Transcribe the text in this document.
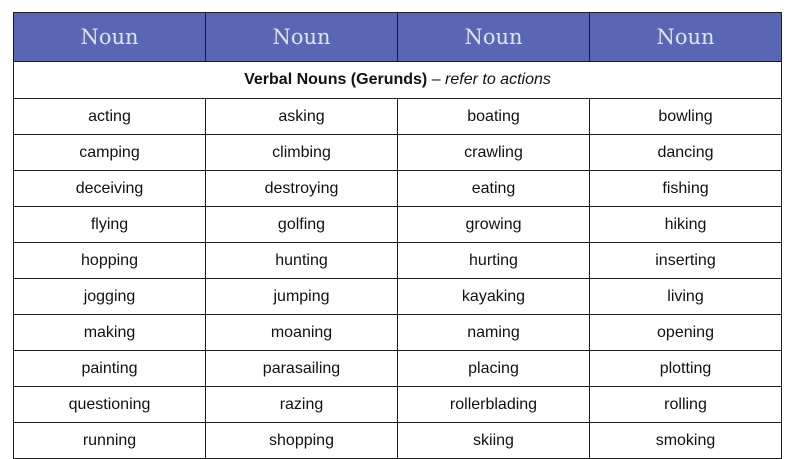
Noun	Noun	Noun	Noun
Verbal Nouns (Gerunds) – refer to actions			
acting	asking	boating	bowling
camping	climbing	crawling	dancing
deceiving	destroying	eating	fishing
flying	golfing	growing	hiking
hopping	hunting	hurting	inserting
jogging	jumping	kayaking	living
making	moaning	naming	opening
painting	parasailing	placing	plotting
questioning	razing	rollerblading	rolling
running	shopping	skiing	smoking
